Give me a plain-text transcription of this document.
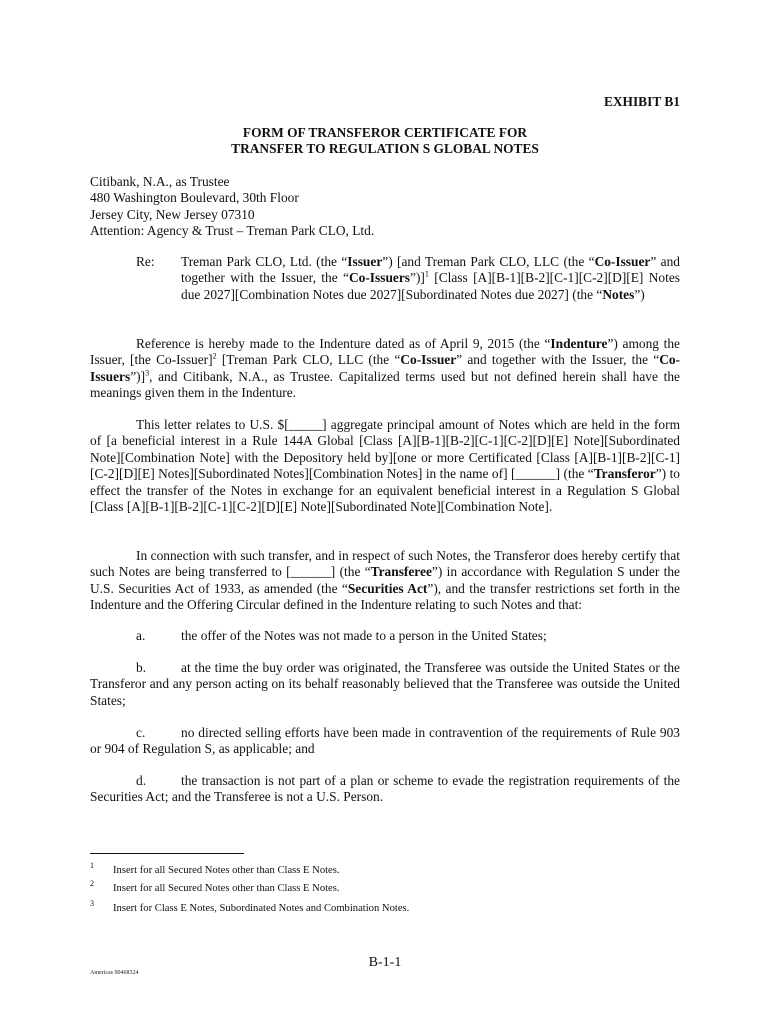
EXHIBIT B1
FORM OF TRANSFEROR CERTIFICATE FOR
TRANSFER TO REGULATION S GLOBAL NOTES
Citibank, N.A., as Trustee
480 Washington Boulevard, 30th Floor
Jersey City, New Jersey 07310
Attention: Agency & Trust – Treman Park CLO, Ltd.
Re: Treman Park CLO, Ltd. (the “Issuer”) [and Treman Park CLO, LLC (the “Co-Issuer” and together with the Issuer, the “Co-Issuers”)]$^1$ [Class [A][B-1][B-2][C-1][C-2][D][E] Notes due 2027][Combination Notes due 2027][Subordinated Notes due 2027] (the “Notes”)
Reference is hereby made to the Indenture dated as of April 9, 2015 (the “Indenture”) among the Issuer, [the Co-Issuer]$^2$ [Treman Park CLO, LLC (the “Co-Issuer” and together with the Issuer, the “Co-Issuers”)]$^3$, and Citibank, N.A., as Trustee. Capitalized terms used but not defined herein shall have the meanings given them in the Indenture.
This letter relates to U.S. $[_____] aggregate principal amount of Notes which are held in the form of [a beneficial interest in a Rule 144A Global [Class [A][B-1][B-2][C-1][C-2][D][E] Note][Subordinated Note][Combination Note] with the Depository held by][one or more Certificated [Class [A][B-1][B-2][C-1][C-2][D][E] Notes][Subordinated Notes][Combination Notes] in the name of] [______] (the “Transferor”) to effect the transfer of the Notes in exchange for an equivalent beneficial interest in a Regulation S Global [Class [A][B-1][B-2][C-1][C-2][D][E] Note][Subordinated Note][Combination Note].
In connection with such transfer, and in respect of such Notes, the Transferor does hereby certify that such Notes are being transferred to [______] (the “Transferee”) in accordance with Regulation S under the U.S. Securities Act of 1933, as amended (the “Securities Act”), and the transfer restrictions set forth in the Indenture and the Offering Circular defined in the Indenture relating to such Notes and that:
a.	the offer of the Notes was not made to a person in the United States;
b.	at the time the buy order was originated, the Transferee was outside the United States or the Transferor and any person acting on its behalf reasonably believed that the Transferee was outside the United States;
c.	no directed selling efforts have been made in contravention of the requirements of Rule 903 or 904 of Regulation S, as applicable; and
d.	the transaction is not part of a plan or scheme to evade the registration requirements of the Securities Act; and the Transferee is not a U.S. Person.
1 Insert for all Secured Notes other than Class E Notes.
2 Insert for all Secured Notes other than Class E Notes.
3 Insert for Class E Notes, Subordinated Notes and Combination Notes.
B-1-1
Americas 90468324
